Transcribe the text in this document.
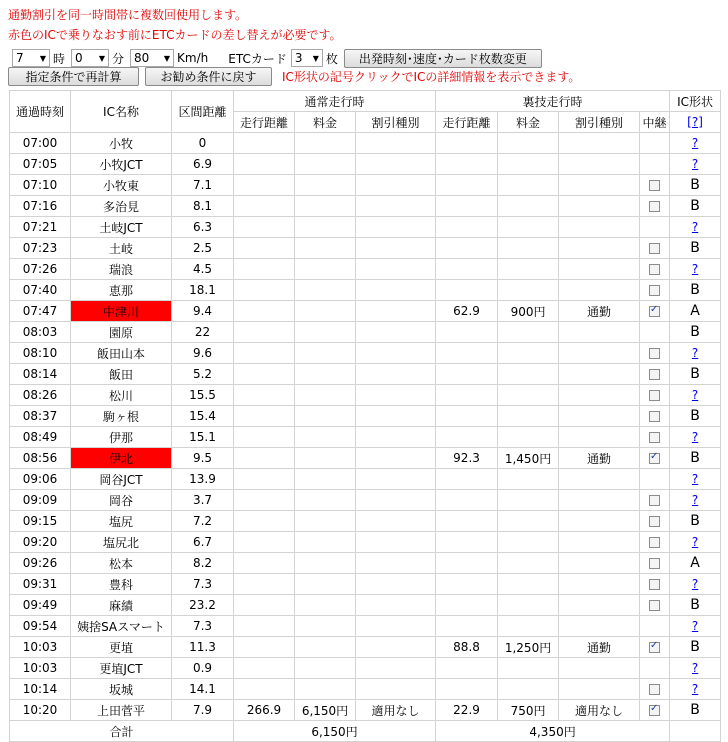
通勤割引を同一時間帯に複数回使用します。
赤色のICで乗りなおす前にETCカードの差し替えが必要です。
7 ▼ 時 0 ▼ 分 80 ▼ Km/h ETCカード 3 ▼ 枚	出発時刻･速度･カード枚数変更
指定条件で再計算	お勧め条件に戻す	IC形状の記号クリックでICの詳細情報を表示できます。
通過時刻	IC名称	区間距離	通常走行時			裏技走行時				IC形状
			走行距離	料金	割引種別	走行距離	料金	割引種別	中継	[?]
07:00	小牧	0								?
07:05	小牧JCT	6.9								?
07:10	小牧東	7.1								B
07:16	多治見	8.1								B
07:21	土岐JCT	6.3								?
07:23	土岐	2.5								B
07:26	瑞浪	4.5								?
07:40	恵那	18.1								B
07:47	中津川	9.4				62.9	900円	通勤	✓	A
08:03	園原	22								B
08:10	飯田山本	9.6								?
08:14	飯田	5.2								B
08:26	松川	15.5								?
08:37	駒ヶ根	15.4								B
08:49	伊那	15.1								?
08:56	伊北	9.5				92.3	1,450円	通勤	✓	B
09:06	岡谷JCT	13.9								?
09:09	岡谷	3.7								?
09:15	塩尻	7.2								B
09:20	塩尻北	6.7								?
09:26	松本	8.2								A
09:31	豊科	7.3								?
09:49	麻績	23.2								B
09:54	姨捨SAスマート	7.3								?
10:03	更埴	11.3				88.8	1,250円	通勤	✓	B
10:03	更埴JCT	0.9								?
10:14	坂城	14.1								?
10:20	上田菅平	7.9	266.9	6,150円	適用なし	22.9	750円	適用なし	✓	B
合計			6,150円			4,350円				
